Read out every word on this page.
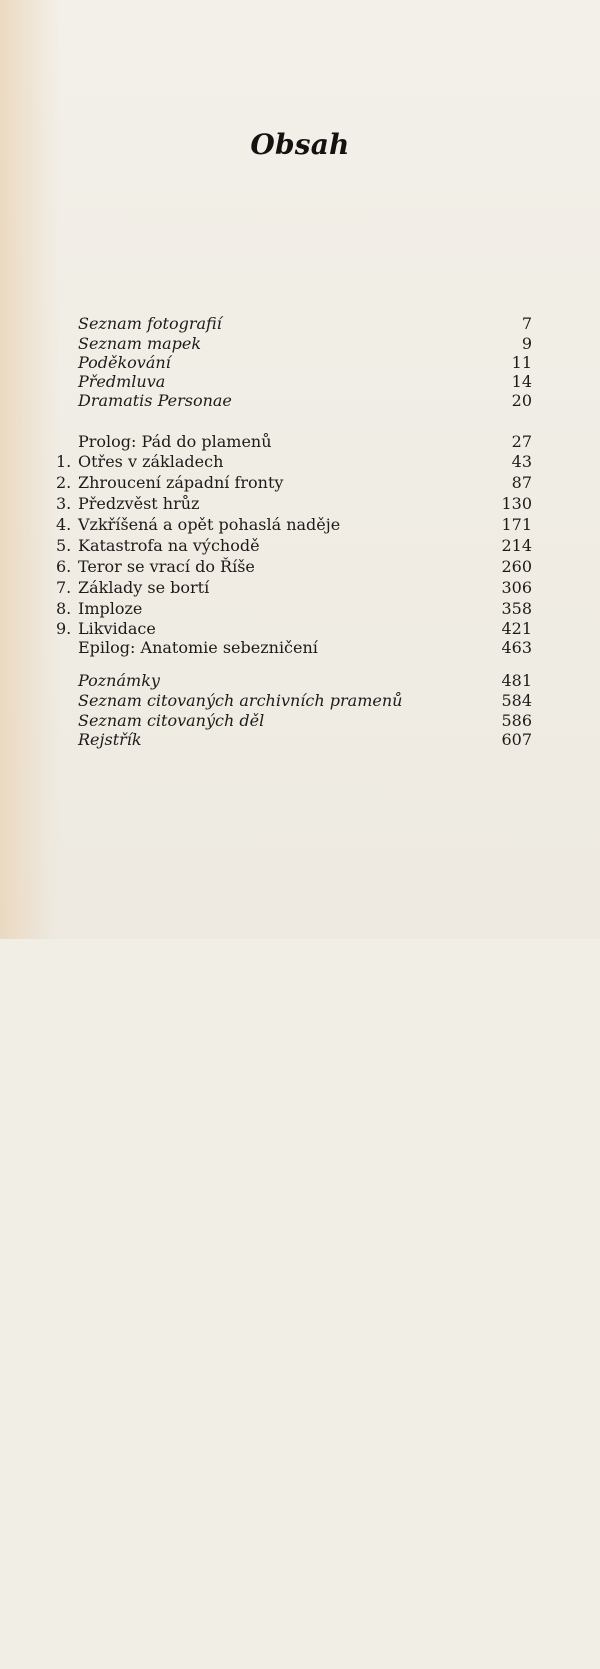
Obsah
Seznam fotografií	7
Seznam mapek	9
Poděkování	11
Předmluva	14
Dramatis Personae	20
Prolog: Pád do plamenů	27
1. Otřes v základech	43
2. Zhroucení západní fronty	87
3. Předzvěst hrůz	130
4. Vzkříšená a opět pohaslá naděje	171
5. Katastrofa na východě	214
6. Teror se vrací do Říše	260
7. Základy se bortí	306
8. Imploze	358
9. Likvidace	421
Epilog: Anatomie sebezničení	463
Poznámky	481
Seznam citovaných archivních pramenů	584
Seznam citovaných děl	586
Rejstřík	607
